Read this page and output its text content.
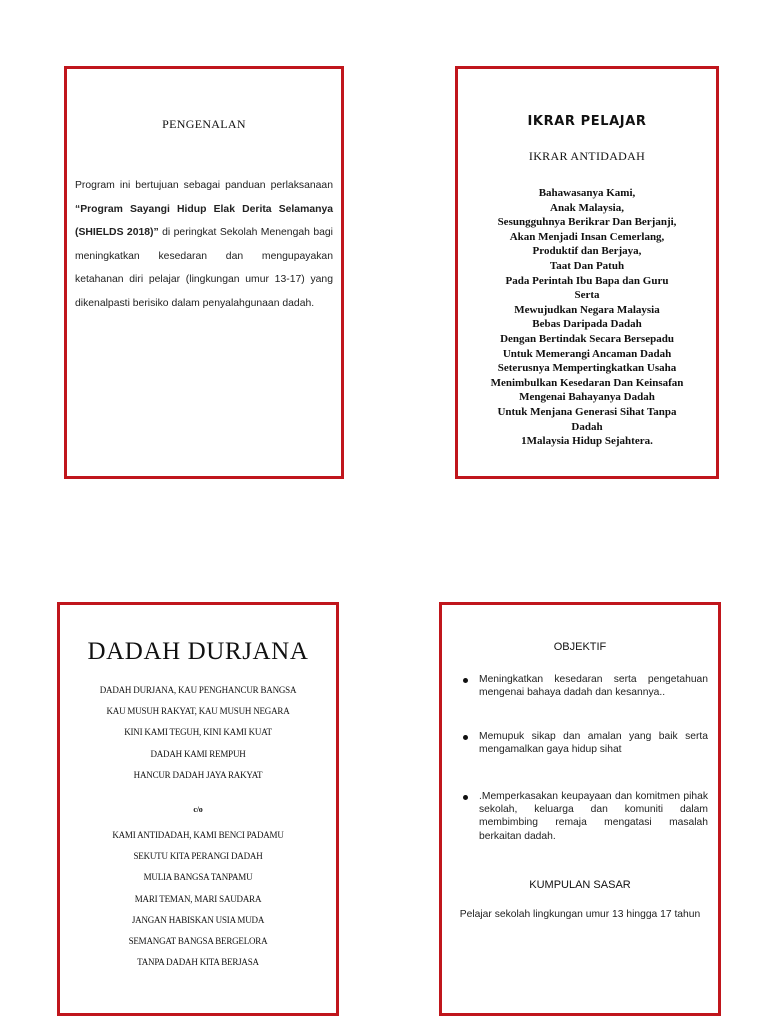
PENGENALAN
Program ini bertujuan sebagai panduan perlaksanaan “Program Sayangi Hidup Elak Derita Selamanya (SHIELDS 2018)” di peringkat Sekolah Menengah bagi meningkatkan kesedaran dan mengupayakan ketahanan diri pelajar (lingkungan umur 13-17) yang dikenalpasti berisiko dalam penyalahgunaan dadah.
IKRAR PELAJAR
IKRAR ANTIDADAH
Bahawasanya Kami,
Anak Malaysia,
Sesungguhnya Berikrar Dan Berjanji,
Akan Menjadi Insan Cemerlang,
Produktif dan Berjaya,
Taat Dan Patuh
Pada Perintah Ibu Bapa dan Guru
Serta
Mewujudkan Negara Malaysia
Bebas Daripada Dadah
Dengan Bertindak Secara Bersepadu
Untuk Memerangi Ancaman Dadah
Seterusnya Mempertingkatkan Usaha
Menimbulkan Kesedaran Dan Keinsafan
Mengenai Bahayanya Dadah
Untuk Menjana Generasi Sihat Tanpa
Dadah
1Malaysia Hidup Sejahtera.
DADAH DURJANA
DADAH DURJANA, KAU PENGHANCUR BANGSA
KAU MUSUH RAKYAT, KAU MUSUH NEGARA
KINI KAMI TEGUH, KINI KAMI KUAT
DADAH KAMI REMPUH
HANCUR DADAH JAYA RAKYAT
c/o
KAMI ANTIDADAH, KAMI BENCI PADAMU
SEKUTU KITA PERANGI DADAH
MULIA BANGSA TANPAMU
MARI TEMAN, MARI SAUDARA
JANGAN HABISKAN USIA MUDA
SEMANGAT BANGSA BERGELORA
TANPA DADAH KITA BERJASA
OBJEKTIF
Meningkatkan kesedaran serta pengetahuan mengenai bahaya dadah dan kesannya..
Memupuk sikap dan amalan yang baik serta mengamalkan gaya hidup sihat
.Memperkasakan keupayaan dan komitmen pihak sekolah, keluarga dan komuniti dalam membimbing remaja mengatasi masalah berkaitan dadah.
KUMPULAN SASAR
Pelajar sekolah lingkungan umur 13 hingga 17 tahun
